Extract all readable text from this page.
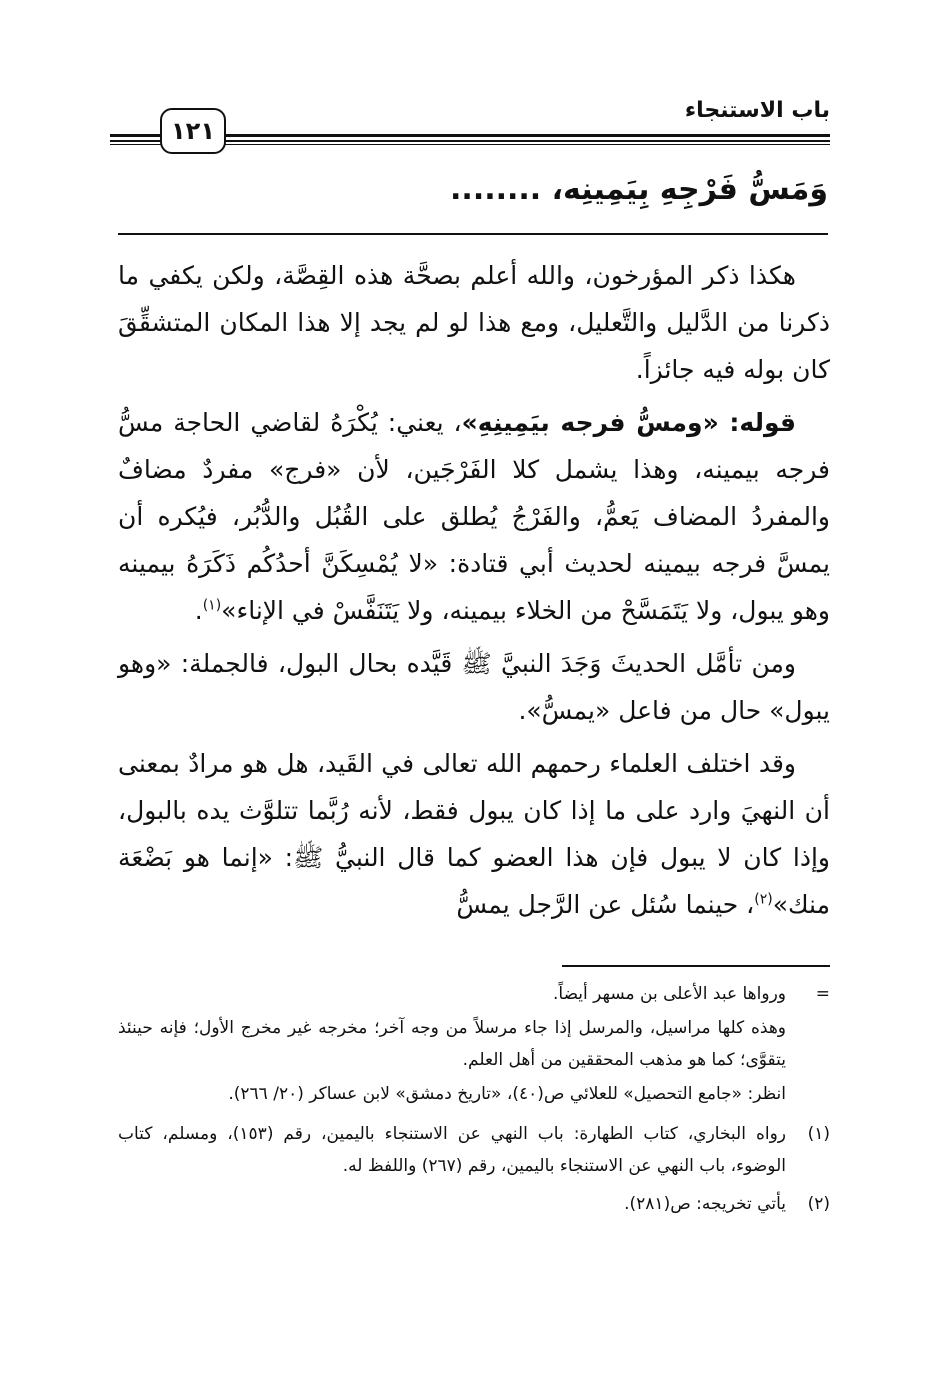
١٢١
باب الاستنجاء
وَمَسُّ فَرْجِهِ بِيَمِينِه، ........

هكذا ذكر المؤرخون، والله أعلم بصحَّة هذه القِصَّة، ولكن يكفي ما ذكرنا من الدَّليل والتَّعليل، ومع هذا لو لم يجد إلا هذا المكان المتشقِّقَ كان بوله فيه جائزاً.

قوله: «ومسُّ فرجه بيَمِينِهِ»، يعني: يُكْرَهُ لقاضي الحاجة مسُّ فرجه بيمينه، وهذا يشمل كلا الفَرْجَين، لأن «فرج» مفردٌ مضافٌ والمفردُ المضاف يَعمُّ، والفَرْجُ يُطلق على القُبُل والدُّبُر، فيُكره أن يمسَّ فرجه بيمينه لحديث أبي قتادة: «لا يُمْسِكَنَّ أحدُكُم ذَكَرَهُ بيمينه وهو يبول، ولا يَتَمَسَّحْ من الخلاء بيمينه، ولا يَتَنَفَّسْ في الإناء»$^{(١)}$.

ومن تأمَّل الحديثَ وَجَدَ النبيَّ ﷺ قَيَّده بحال البول، فالجملة: «وهو يبول» حال من فاعل «يمسُّ».

وقد اختلف العلماء رحمهم الله تعالى في القَيد، هل هو مرادٌ بمعنى أن النهيَ وارد على ما إذا كان يبول فقط، لأنه رُبَّما تتلوَّث يده بالبول، وإذا كان لا يبول فإن هذا العضو كما قال النبيُّ ﷺ: «إنما هو بَضْعَة منك»$^{(٢)}$، حينما سُئل عن الرَّجل يمسُّ

=

ورواها عبد الأعلى بن مسهر أيضاً.

وهذه كلها مراسيل، والمرسل إذا جاء مرسلاً من وجه آخر؛ مخرجه غير مخرج الأول؛ فإنه حينئذ يتقوَّى؛ كما هو مذهب المحققين من أهل العلم.

انظر: «جامع التحصيل» للعلائي ص(٤٠)، «تاريخ دمشق» لابن عساكر (٢٠/ ٢٦٦).

(١)
رواه البخاري، كتاب الطهارة: باب النهي عن الاستنجاء باليمين، رقم (١٥٣)، ومسلم، كتاب الوضوء، باب النهي عن الاستنجاء باليمين، رقم (٢٦٧) واللفظ له.
(٢)
يأتي تخريجه: ص(٢٨١).
